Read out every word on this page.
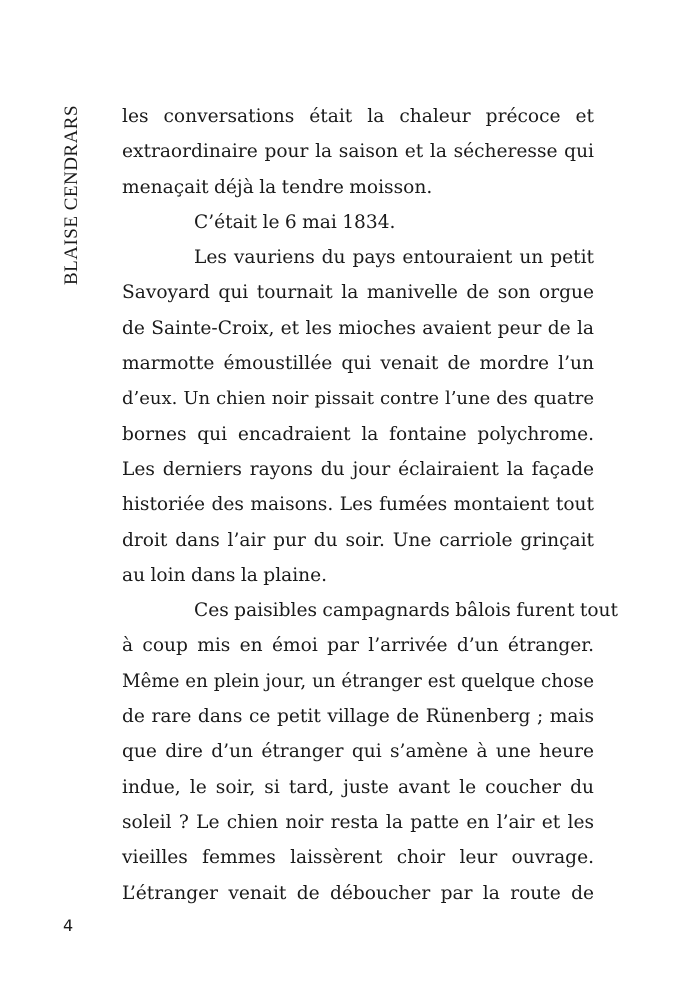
BLAISE CENDRARS les conversations était la chaleur précoce et
extraordinaire pour la saison et la sécheresse qui
menaçait déjà la tendre moisson.
C’était le 6 mai 1834.
Les vauriens du pays entouraient un petit
Savoyard qui tournait la manivelle de son orgue
de Sainte-Croix, et les mioches avaient peur de la
marmotte émoustillée qui venait de mordre l’un
d’eux. Un chien noir pissait contre l’une des quatre
bornes qui encadraient la fontaine polychrome.
Les derniers rayons du jour éclairaient la façade
historiée des maisons. Les fumées montaient tout
droit dans l’air pur du soir. Une carriole grinçait
au loin dans la plaine.
Ces paisibles campagnards bâlois furent tout
à coup mis en émoi par l’arrivée d’un étranger.
Même en plein jour, un étranger est quelque chose
de rare dans ce petit village de Rünenberg ; mais
que dire d’un étranger qui s’amène à une heure
indue, le soir, si tard, juste avant le coucher du
soleil ? Le chien noir resta la patte en l’air et les
vieilles femmes laissèrent choir leur ouvrage.
L’étranger venait de déboucher par la route de
4
